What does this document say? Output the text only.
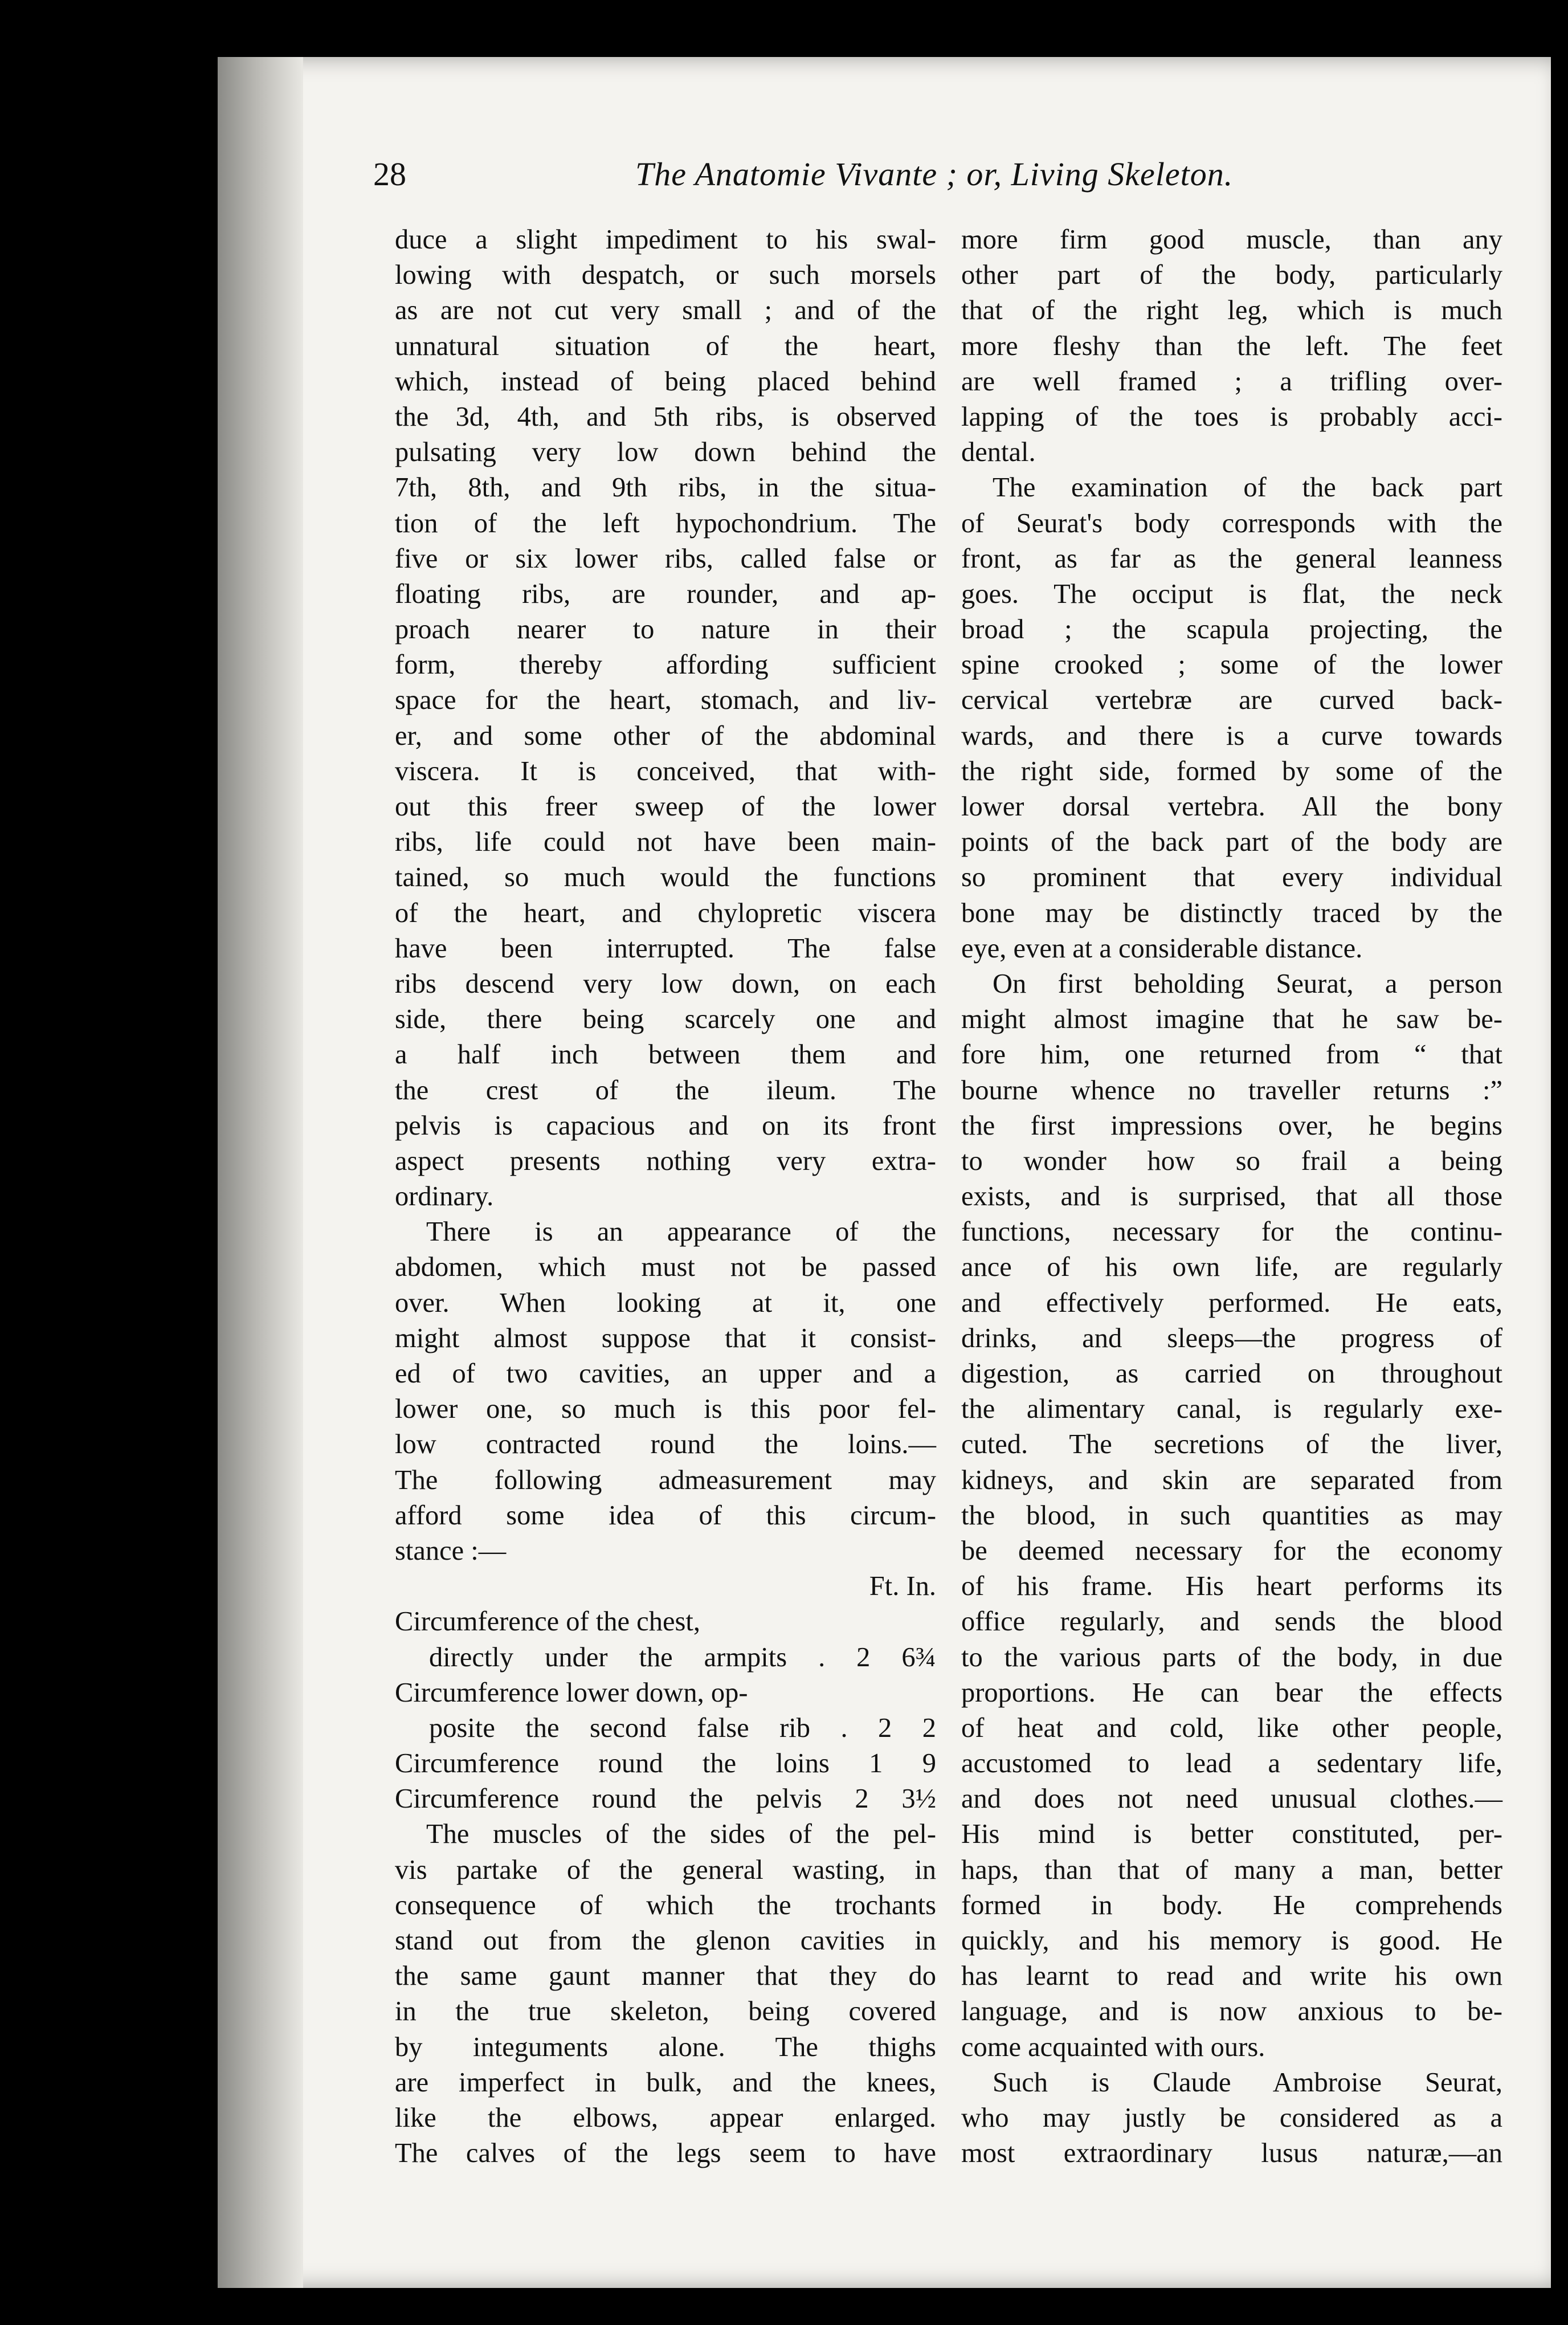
28	The Anatomie Vivante ; or, Living Skeleton.
duce a slight impediment to his swal-
lowing with despatch, or such morsels
as are not cut very small ; and of the
unnatural situation of the heart,
which, instead of being placed behind
the 3d, 4th, and 5th ribs, is observed
pulsating very low down behind the
7th, 8th, and 9th ribs, in the situa-
tion of the left hypochondrium. The
five or six lower ribs, called false or
floating ribs, are rounder, and ap-
proach nearer to nature in their
form, thereby affording sufficient
space for the heart, stomach, and liv-
er, and some other of the abdominal
viscera. It is conceived, that with-
out this freer sweep of the lower
ribs, life could not have been main-
tained, so much would the functions
of the heart, and chylopretic viscera
have been interrupted. The false
ribs descend very low down, on each
side, there being scarcely one and
a half inch between them and
the crest of the ileum. The
pelvis is capacious and on its front
aspect presents nothing very extra-
ordinary.
There is an appearance of the
abdomen, which must not be passed
over. When looking at it, one
might almost suppose that it consist-
ed of two cavities, an upper and a
lower one, so much is this poor fel-
low contracted round the loins.—
The following admeasurement may
afford some idea of this circum-
stance :—
Ft. In.
Circumference of the chest,
directly under the armpits . 2 6¾
Circumference lower down, op-
posite the second false rib . 2 2
Circumference round the loins 1 9
Circumference round the pelvis 2 3½
The muscles of the sides of the pel-
vis partake of the general wasting, in
consequence of which the trochants
stand out from the glenon cavities in
the same gaunt manner that they do
in the true skeleton, being covered
by integuments alone. The thighs
are imperfect in bulk, and the knees,
like the elbows, appear enlarged.
The calves of the legs seem to have
more firm good muscle, than any
other part of the body, particularly
that of the right leg, which is much
more fleshy than the left. The feet
are well framed ; a trifling over-
lapping of the toes is probably acci-
dental.
The examination of the back part
of Seurat's body corresponds with the
front, as far as the general leanness
goes. The occiput is flat, the neck
broad ; the scapula projecting, the
spine crooked ; some of the lower
cervical vertebræ are curved back-
wards, and there is a curve towards
the right side, formed by some of the
lower dorsal vertebra. All the bony
points of the back part of the body are
so prominent that every individual
bone may be distinctly traced by the
eye, even at a considerable distance.
On first beholding Seurat, a person
might almost imagine that he saw be-
fore him, one returned from “ that
bourne whence no traveller returns :”
the first impressions over, he begins
to wonder how so frail a being
exists, and is surprised, that all those
functions, necessary for the continu-
ance of his own life, are regularly
and effectively performed. He eats,
drinks, and sleeps—the progress of
digestion, as carried on throughout
the alimentary canal, is regularly exe-
cuted. The secretions of the liver,
kidneys, and skin are separated from
the blood, in such quantities as may
be deemed necessary for the economy
of his frame. His heart performs its
office regularly, and sends the blood
to the various parts of the body, in due
proportions. He can bear the effects
of heat and cold, like other people,
accustomed to lead a sedentary life,
and does not need unusual clothes.—
His mind is better constituted, per-
haps, than that of many a man, better
formed in body. He comprehends
quickly, and his memory is good. He
has learnt to read and write his own
language, and is now anxious to be-
come acquainted with ours.
Such is Claude Ambroise Seurat,
who may justly be considered as a
most extraordinary lusus naturæ,—an
